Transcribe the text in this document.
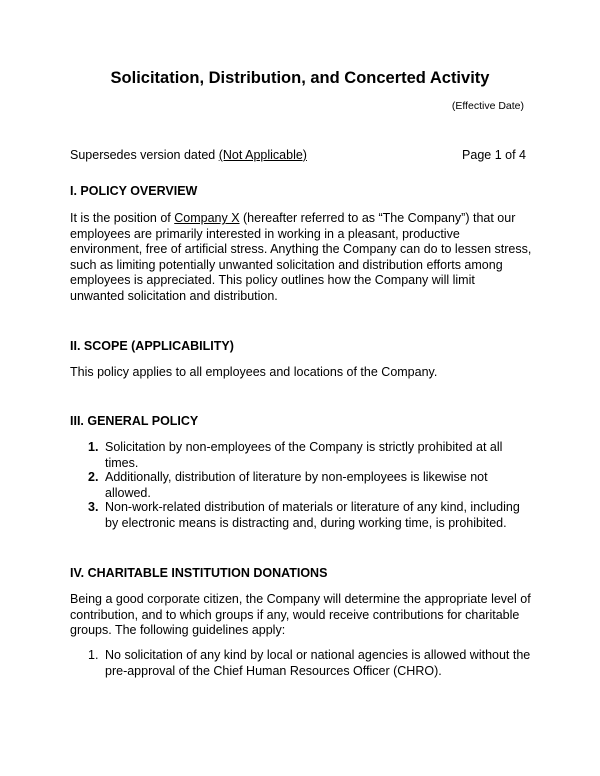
Solicitation, Distribution, and Concerted Activity
(Effective Date)
Supersedes version dated (Not Applicable)	Page 1 of 4
I. POLICY OVERVIEW

It is the position of Company X (hereafter referred to as “The Company”) that our employees are primarily interested in working in a pleasant, productive environment, free of artificial stress. Anything the Company can do to lessen stress, such as limiting potentially unwanted solicitation and distribution efforts among employees is appreciated. This policy outlines how the Company will limit unwanted solicitation and distribution.

II. SCOPE (APPLICABILITY)

This policy applies to all employees and locations of the Company.

III. GENERAL POLICY
1. Solicitation by non-employees of the Company is strictly prohibited at all times.
2. Additionally, distribution of literature by non-employees is likewise not allowed.
3. Non-work-related distribution of materials or literature of any kind, including by electronic means is distracting and, during working time, is prohibited.
IV. CHARITABLE INSTITUTION DONATIONS

Being a good corporate citizen, the Company will determine the appropriate level of contribution, and to which groups if any, would receive contributions for charitable groups. The following guidelines apply:

1. No solicitation of any kind by local or national agencies is allowed without the pre-approval of the Chief Human Resources Officer (CHRO).
